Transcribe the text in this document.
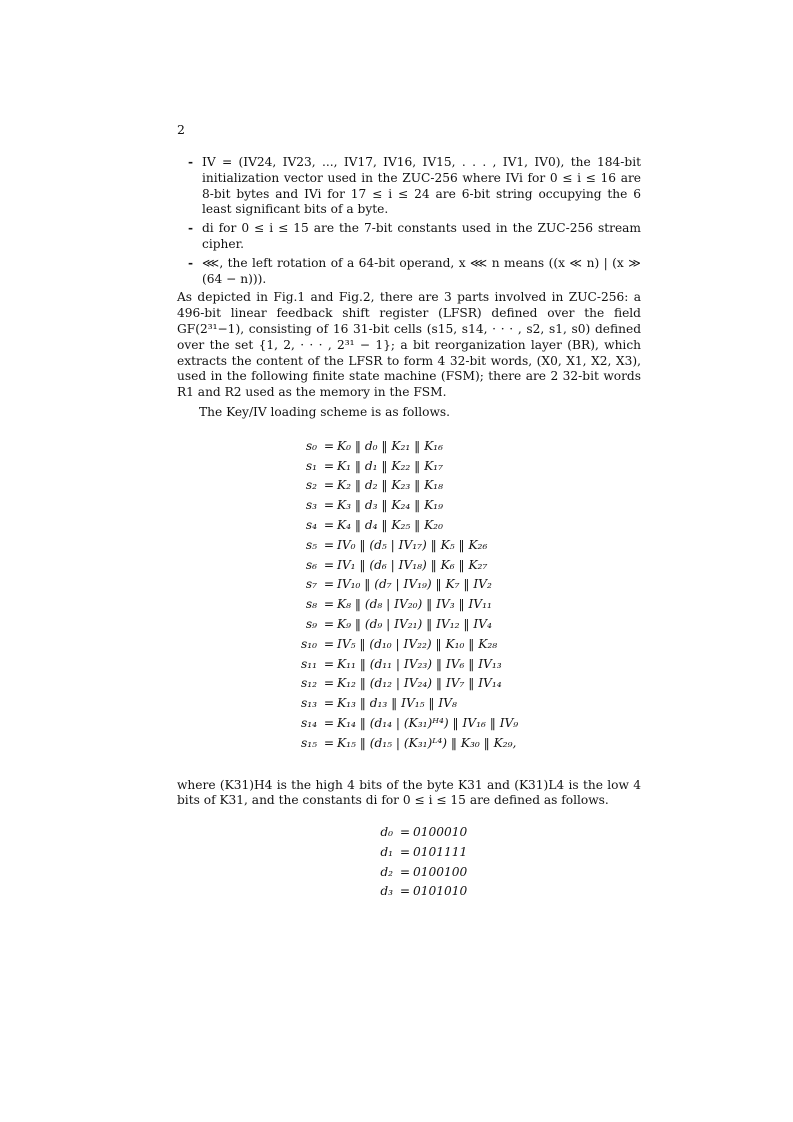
2
- IV = (IV24, IV23, ..., IV17, IV16, IV15, . . . , IV1, IV0), the 184-bit initialization vector used in the ZUC-256 where IVi for 0 ≤ i ≤ 16 are 8-bit bytes and IVi for 17 ≤ i ≤ 24 are 6-bit string occupying the 6 least significant bits of a byte.
- di for 0 ≤ i ≤ 15 are the 7-bit constants used in the ZUC-256 stream cipher.
- ⋘, the left rotation of a 64-bit operand, x ⋘ n means ((x ≪ n) | (x ≫ (64 − n))).

As depicted in Fig.1 and Fig.2, there are 3 parts involved in ZUC-256: a 496-bit linear feedback shift register (LFSR) defined over the field GF(2³¹−1), consisting of 16 31-bit cells (s15, s14, · · · , s2, s1, s0) defined over the set {1, 2, · · · , 2³¹ − 1}; a bit reorganization layer (BR), which extracts the content of the LFSR to form 4 32-bit words, (X0, X1, X2, X3), used in the following finite state machine (FSM); there are 2 32-bit words R1 and R2 used as the memory in the FSM.

The Key/IV loading scheme is as follows.

s₀ = K₀ ‖ d₀ ‖ K₂₁ ‖ K₁₆
s₁ = K₁ ‖ d₁ ‖ K₂₂ ‖ K₁₇
s₂ = K₂ ‖ d₂ ‖ K₂₃ ‖ K₁₈
s₃ = K₃ ‖ d₃ ‖ K₂₄ ‖ K₁₉
s₄ = K₄ ‖ d₄ ‖ K₂₅ ‖ K₂₀
s₅ = IV₀ ‖ (d₅ | IV₁₇) ‖ K₅ ‖ K₂₆
s₆ = IV₁ ‖ (d₆ | IV₁₈) ‖ K₆ ‖ K₂₇
s₇ = IV₁₀ ‖ (d₇ | IV₁₉) ‖ K₇ ‖ IV₂
s₈ = K₈ ‖ (d₈ | IV₂₀) ‖ IV₃ ‖ IV₁₁
s₉ = K₉ ‖ (d₉ | IV₂₁) ‖ IV₁₂ ‖ IV₄
s₁₀ = IV₅ ‖ (d₁₀ | IV₂₂) ‖ K₁₀ ‖ K₂₈
s₁₁ = K₁₁ ‖ (d₁₁ | IV₂₃) ‖ IV₆ ‖ IV₁₃
s₁₂ = K₁₂ ‖ (d₁₂ | IV₂₄) ‖ IV₇ ‖ IV₁₄
s₁₃ = K₁₃ ‖ d₁₃ ‖ IV₁₅ ‖ IV₈
s₁₄ = K₁₄ ‖ (d₁₄ | (K₃₁)ᴴ⁴) ‖ IV₁₆ ‖ IV₉
s₁₅ = K₁₅ ‖ (d₁₅ | (K₃₁)ᴸ⁴) ‖ K₃₀ ‖ K₂₉,

where (K31)H4 is the high 4 bits of the byte K31 and (K31)L4 is the low 4 bits of K31, and the constants di for 0 ≤ i ≤ 15 are defined as follows.

d₀ = 0100010
d₁ = 0101111
d₂ = 0100100
d₃ = 0101010
